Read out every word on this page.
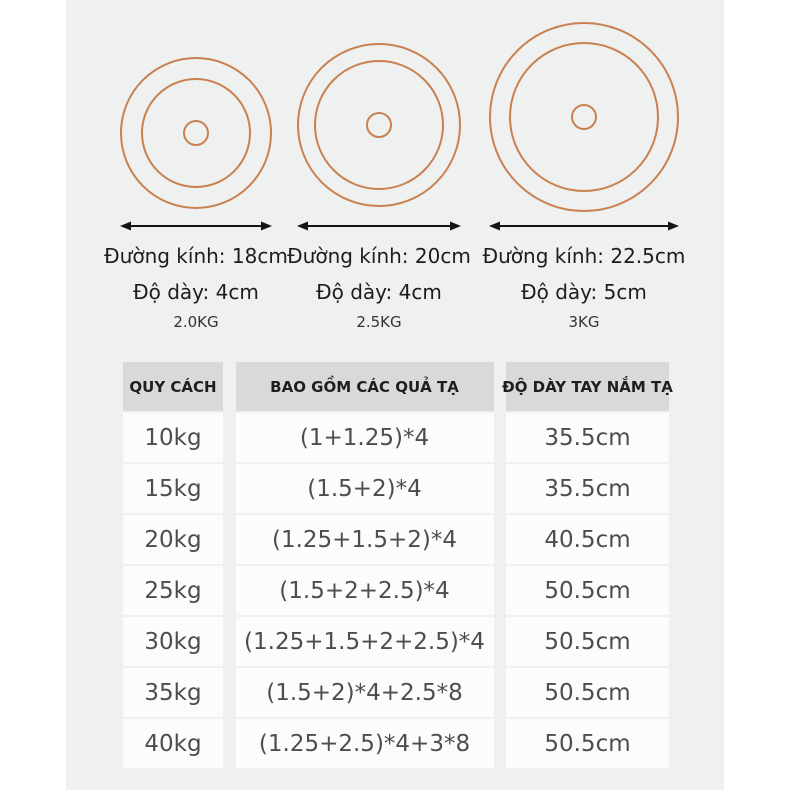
Đường kính: 18cm
Độ dày: 4cm
2.0KG
Đường kính: 20cm
Độ dày: 4cm
2.5KG
Đường kính: 22.5cm
Độ dày: 5cm
3KG
QUY CÁCH	BAO GỒM CÁC QUẢ TẠ	ĐỘ DÀY TAY NẮM TẠ
10kg	(1+1.25)*4	35.5cm
15kg	(1.5+2)*4	35.5cm
20kg	(1.25+1.5+2)*4	40.5cm
25kg	(1.5+2+2.5)*4	50.5cm
30kg	(1.25+1.5+2+2.5)*4	50.5cm
35kg	(1.5+2)*4+2.5*8	50.5cm
40kg	(1.25+2.5)*4+3*8	50.5cm
